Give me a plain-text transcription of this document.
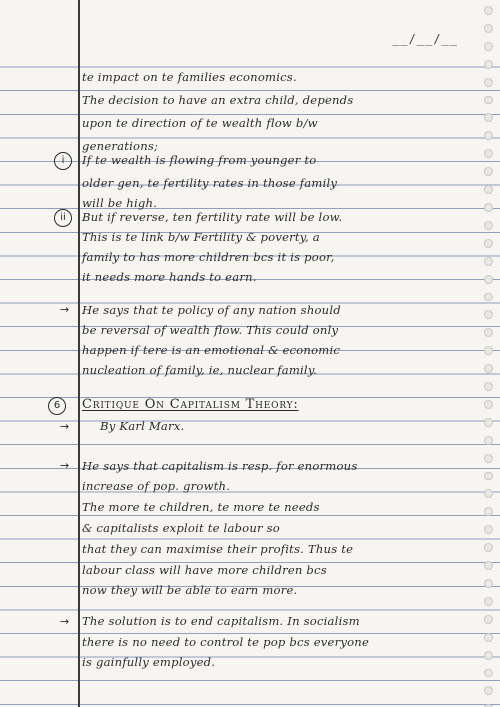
__/__/__
te impact on te families economics.
The decision to have an extra child, depends
upon te direction of te wealth flow b/w
generations;
i	If te wealth is flowing from younger to
older gen, te fertility rates in those family
will be high.
ii	But if reverse, ten fertility rate will be low.
This is te link b/w Fertility & poverty, a
family to has more children bcs it is poor,
it needs more hands to earn.
→ He says that te policy of any nation should
be reversal of wealth flow. This could only
happen if tere is an emotional & economic
nucleation of family, ie, nuclear family.
6	Critique On Capitalism Theory:
→	By Karl Marx.
→ He says that capitalism is resp. for enormous
increase of pop. growth.
The more te children, te more te needs
& capitalists exploit te labour so
that they can maximise their profits. Thus te
labour class will have more children bcs
now they will be able to earn more.
→ The solution is to end capitalism. In socialism
there is no need to control te pop bcs everyone
is gainfully employed.
